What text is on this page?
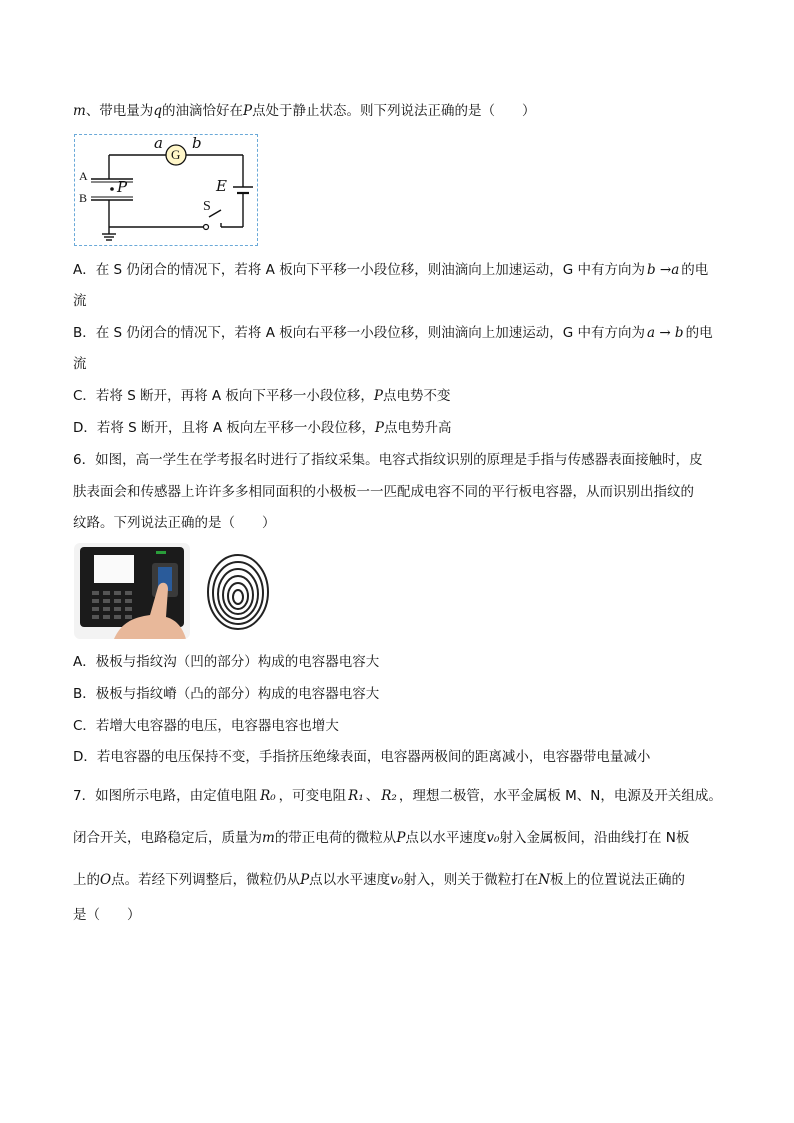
m、带电量为q的油滴恰好在P点处于静止状态。则下列说法正确的是（　　）
G
a b
A
P
B
E
S
A．在 S 仍闭合的情况下，若将 A 板向下平移一小段位移，则油滴向上加速运动，G 中有方向为 b →a 的电
流
B．在 S 仍闭合的情况下，若将 A 板向右平移一小段位移，则油滴向上加速运动，G 中有方向为 a → b 的电
流
C．若将 S 断开，再将 A 板向下平移一小段位移，P点电势不变
D．若将 S 断开，且将 A 板向左平移一小段位移，P点电势升高
6．如图，高一学生在学考报名时进行了指纹采集。电容式指纹识别的原理是手指与传感器表面接触时，皮
肤表面会和传感器上许许多多相同面积的小极板一一匹配成电容不同的平行板电容器，从而识别出指纹的
纹路。下列说法正确的是（　　）
A．极板与指纹沟（凹的部分）构成的电容器电容大
B．极板与指纹嵴（凸的部分）构成的电容器电容大
C．若增大电容器的电压，电容器电容也增大
D．若电容器的电压保持不变，手指挤压绝缘表面，电容器两极间的距离减小，电容器带电量减小
7．如图所示电路，由定值电阻 R₀ ，可变电阻 R₁ 、 R₂ ，理想二极管，水平金属板 M、N，电源及开关组成。
闭合开关，电路稳定后，质量为m的带正电荷的微粒从P点以水平速度v₀射入金属板间，沿曲线打在 N板
上的O点。若经下列调整后，微粒仍从P点以水平速度v₀射入，则关于微粒打在N板上的位置说法正确的
是（　　）
